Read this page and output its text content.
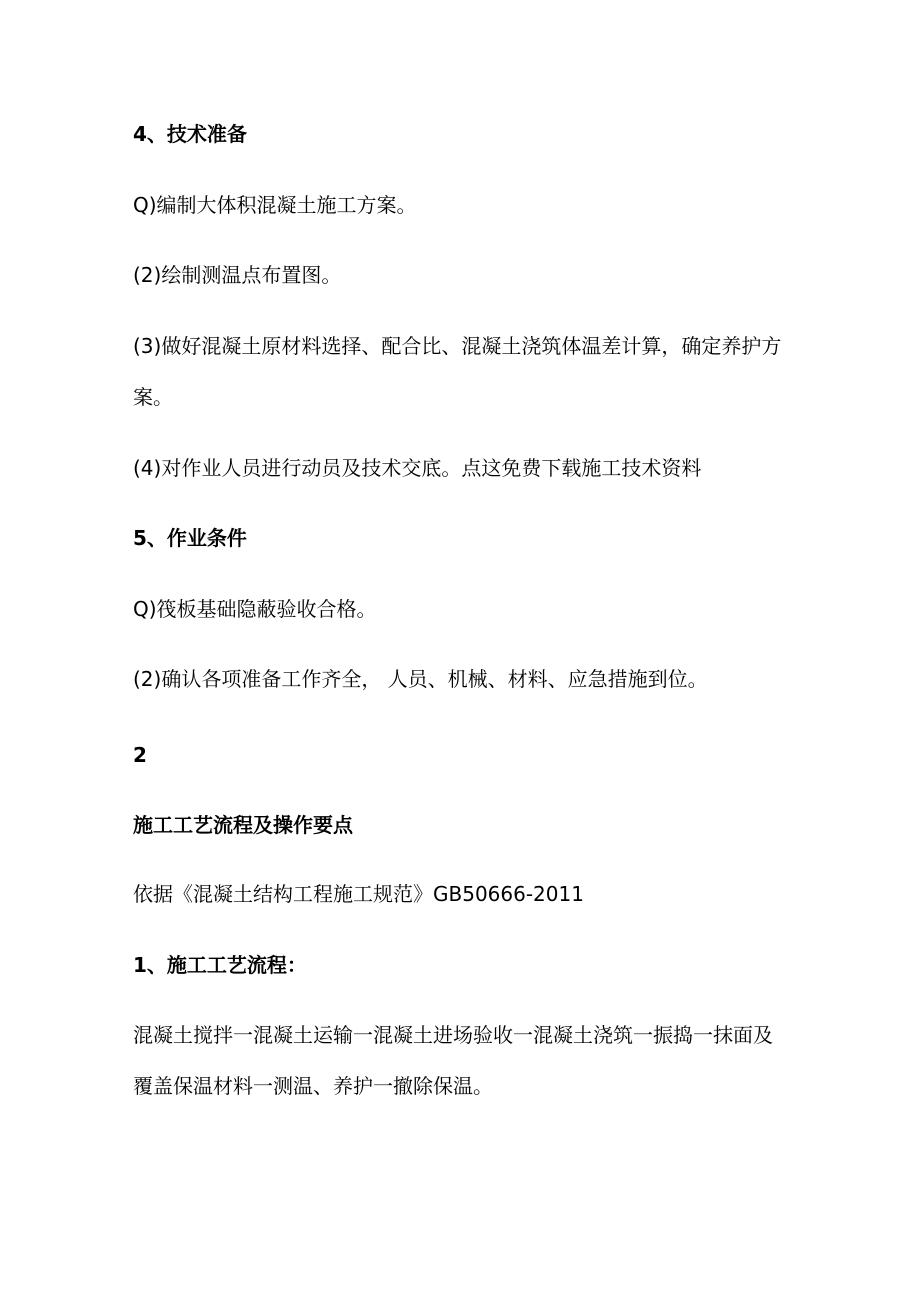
4、技术准备

Q)编制大体积混凝土施工方案。

(2)绘制测温点布置图。

(3)做好混凝土原材料选择、配合比、混凝土浇筑体温差计算，确定养护方

案。

(4)对作业人员进行动员及技术交底。点这免费下载施工技术资料

5、作业条件

Q)筏板基础隐蔽验收合格。

(2)确认各项准备工作齐全， 人员、机械、材料、应急措施到位。

2

施工工艺流程及操作要点

依据《混凝土结构工程施工规范》GB50666-2011

1、施工工艺流程：

混凝土搅拌一混凝土运输一混凝土进场验收一混凝土浇筑一振捣一抹面及

覆盖保温材料一测温、养护一撤除保温。
